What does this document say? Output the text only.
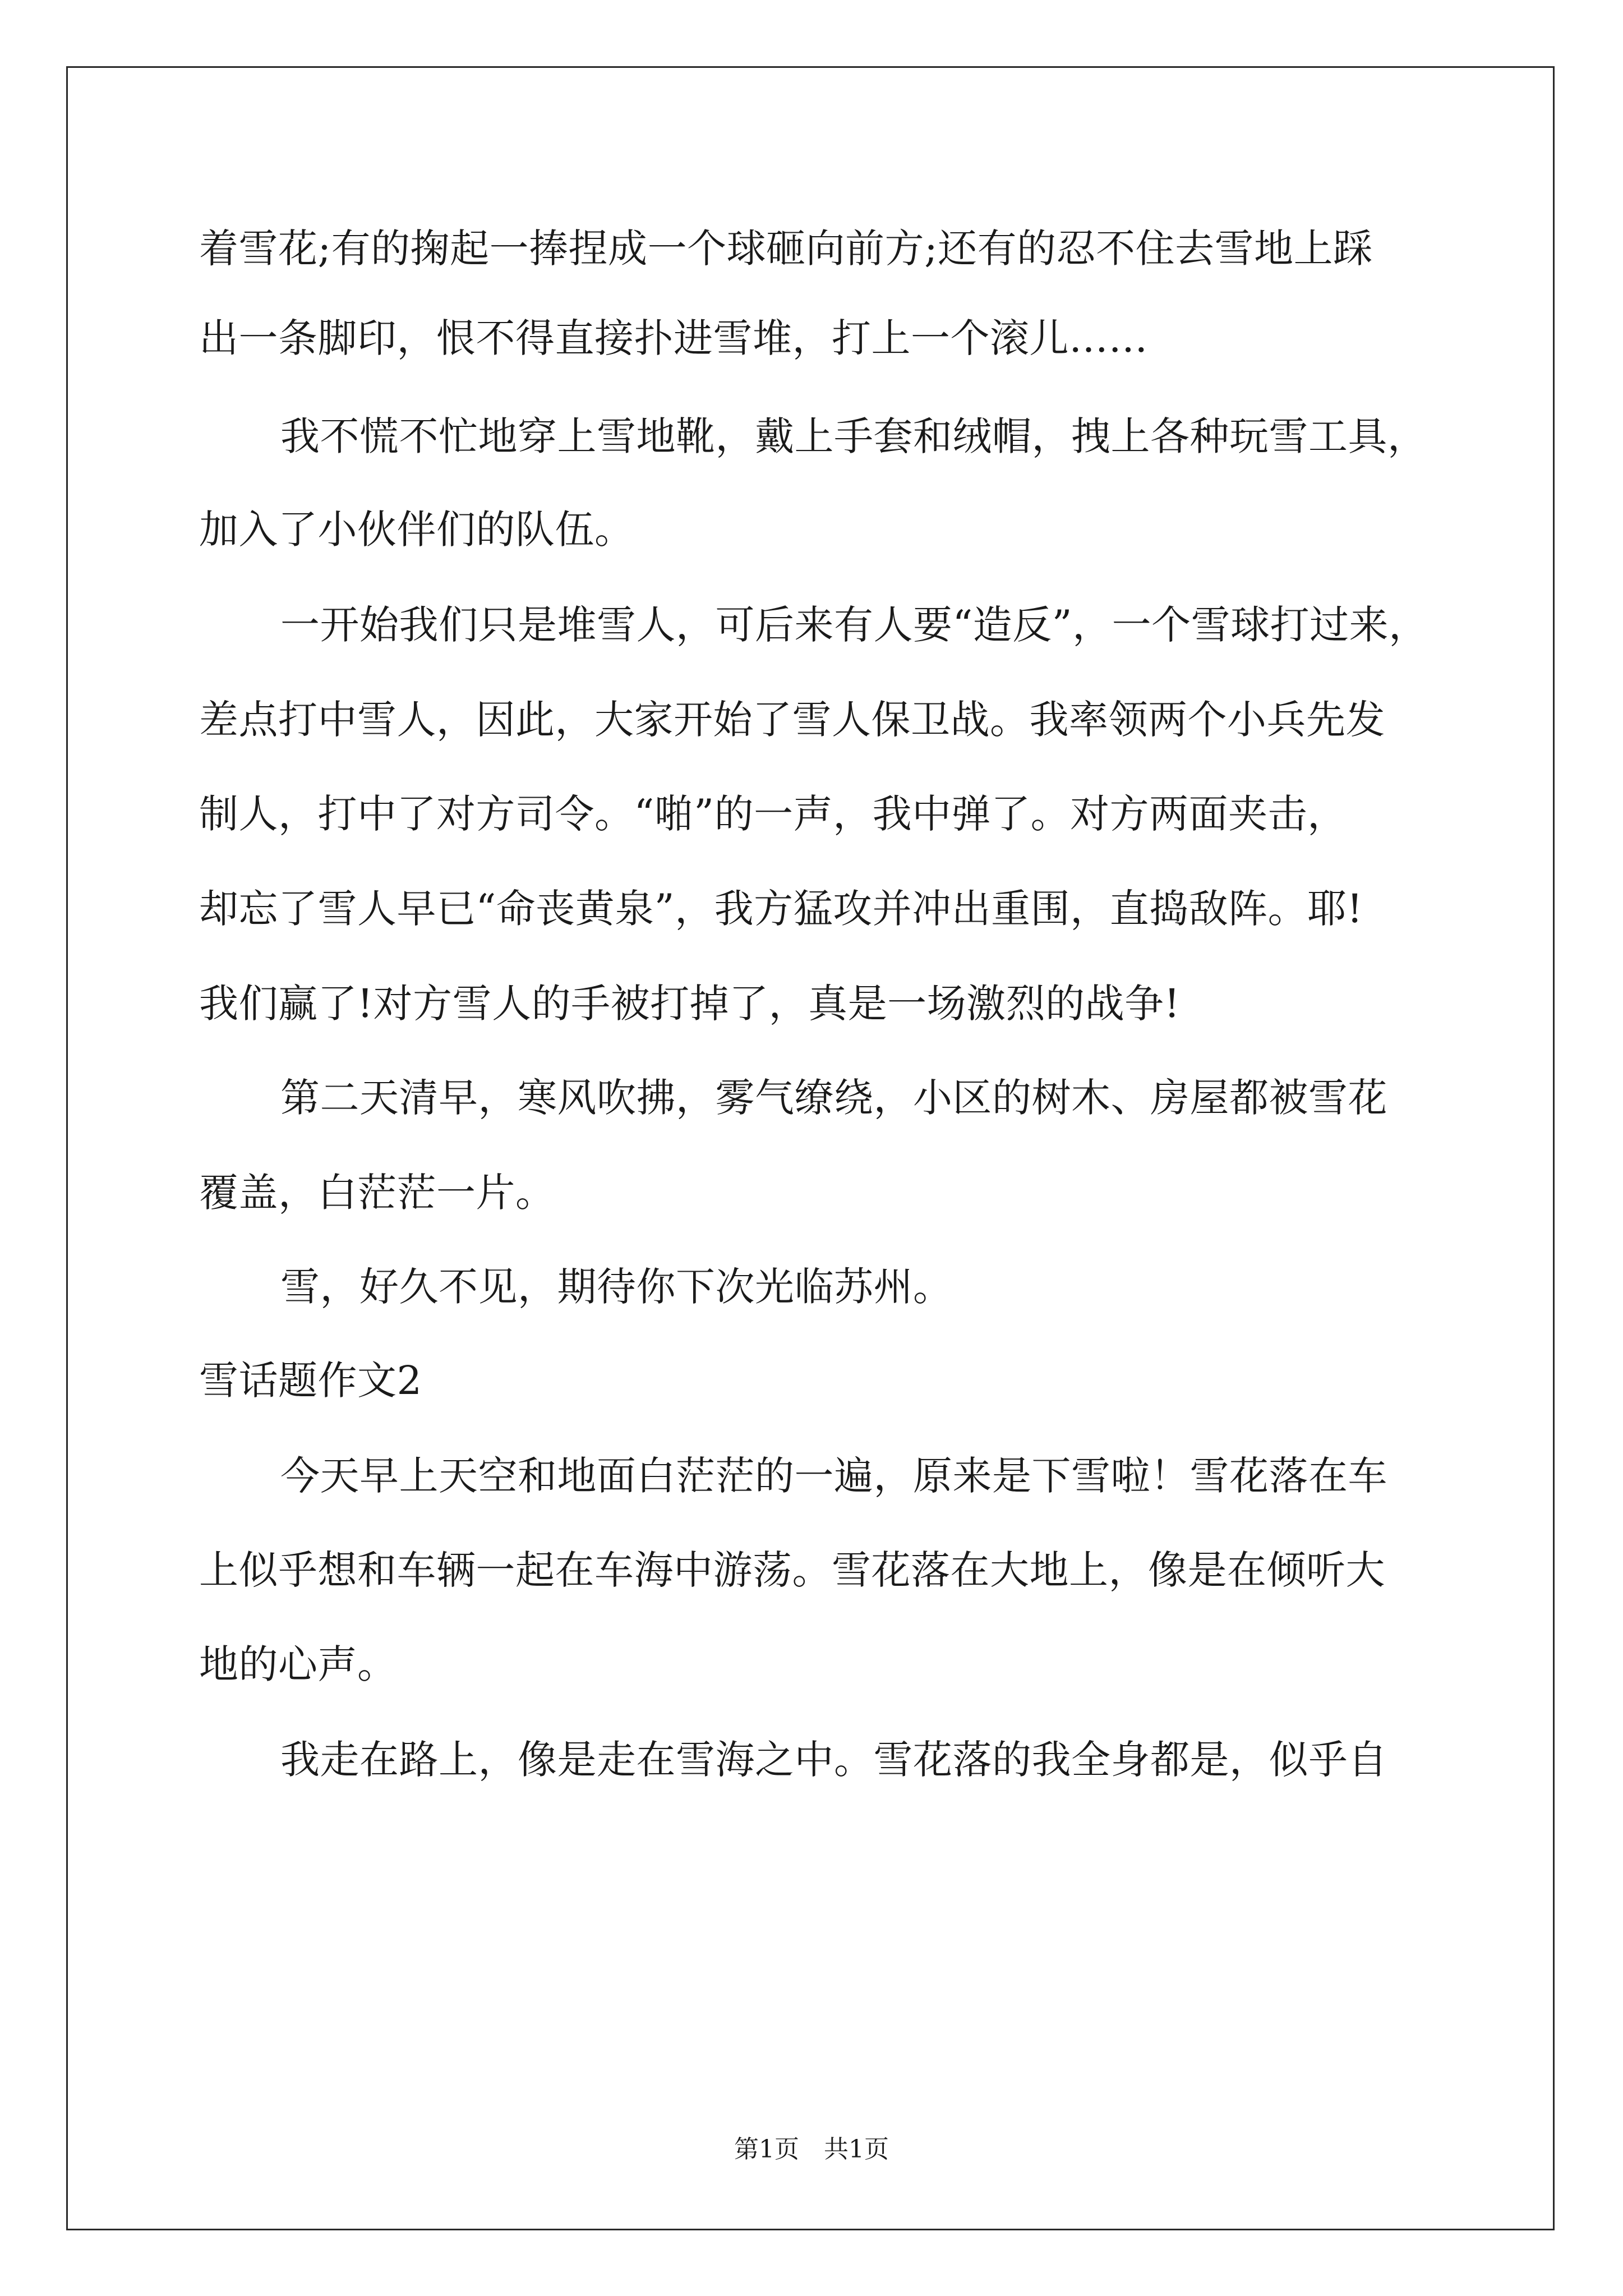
着雪花;有的掬起一捧捏成一个球砸向前方;还有的忍不住去雪地上踩
出一条脚印，恨不得直接扑进雪堆，打上一个滚儿……
我不慌不忙地穿上雪地靴，戴上手套和绒帽，拽上各种玩雪工具，
加入了小伙伴们的队伍。
一开始我们只是堆雪人，可后来有人要“造反”，一个雪球打过来，
差点打中雪人，因此，大家开始了雪人保卫战。我率领两个小兵先发
制人，打中了对方司令。“啪”的一声，我中弹了。对方两面夹击，
却忘了雪人早已“命丧黄泉”，我方猛攻并冲出重围，直捣敌阵。耶!
我们赢了!对方雪人的手被打掉了，真是一场激烈的战争!
第二天清早，寒风吹拂，雾气缭绕，小区的树木、房屋都被雪花
覆盖，白茫茫一片。
雪，好久不见，期待你下次光临苏州。
雪话题作文2
今天早上天空和地面白茫茫的一遍，原来是下雪啦！雪花落在车
上似乎想和车辆一起在车海中游荡。雪花落在大地上，像是在倾听大
地的心声。
我走在路上，像是走在雪海之中。雪花落的我全身都是，似乎自
第1页　共1页
